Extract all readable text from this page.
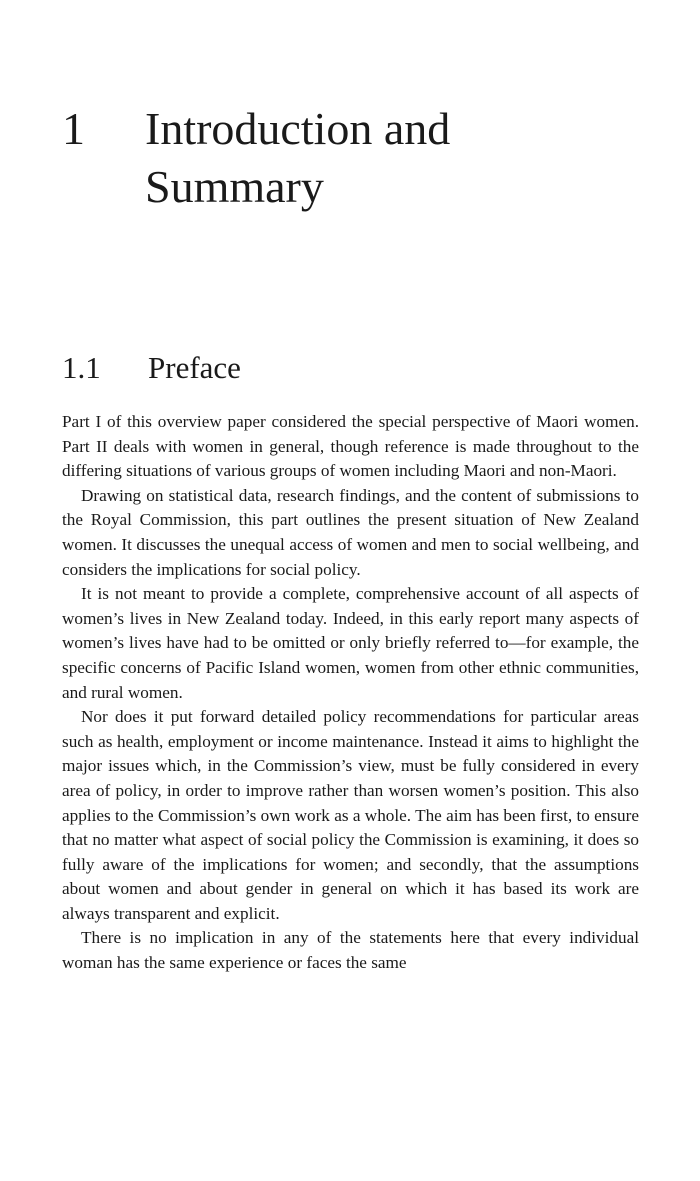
1 Introduction and
Summary
1.1 Preface

Part I of this overview paper considered the special perspective of Maori women. Part II deals with women in general, though reference is made throughout to the differing situations of various groups of women including Maori and non-Maori.

Drawing on statistical data, research findings, and the content of submissions to the Royal Commission, this part outlines the present situation of New Zealand women. It discusses the unequal access of women and men to social wellbeing, and considers the implications for social policy.

It is not meant to provide a complete, comprehensive account of all aspects of women’s lives in New Zealand today. Indeed, in this early report many aspects of women’s lives have had to be omitted or only briefly referred to—for example, the specific concerns of Pacific Island women, women from other ethnic communities, and rural women.

Nor does it put forward detailed policy recommendations for particular areas such as health, employment or income maintenance. Instead it aims to highlight the major issues which, in the Commission’s view, must be fully considered in every area of policy, in order to improve rather than worsen women’s position. This also applies to the Commission’s own work as a whole. The aim has been first, to ensure that no matter what aspect of social policy the Commission is examining, it does so fully aware of the implications for women; and secondly, that the assumptions about women and about gender in general on which it has based its work are always transparent and explicit.

There is no implication in any of the statements here that every individual woman has the same experience or faces the same
